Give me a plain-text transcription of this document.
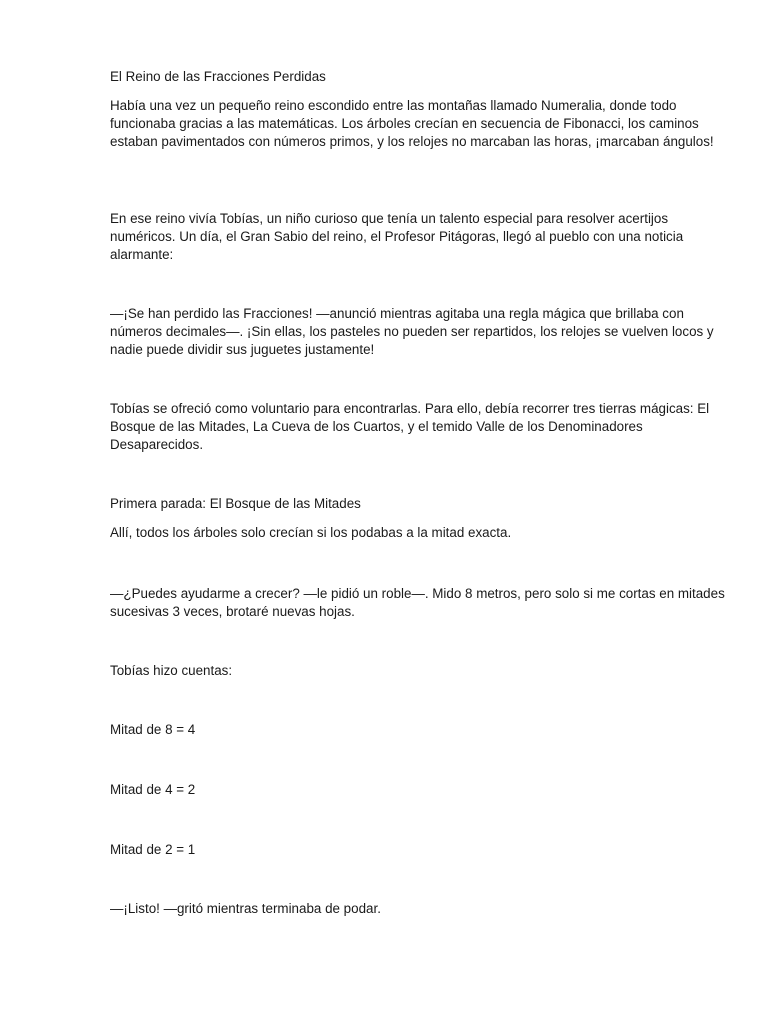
El Reino de las Fracciones Perdidas

Había una vez un pequeño reino escondido entre las montañas llamado Numeralia, donde todo funcionaba gracias a las matemáticas. Los árboles crecían en secuencia de Fibonacci, los caminos estaban pavimentados con números primos, y los relojes no marcaban las horas, ¡marcaban ángulos!

En ese reino vivía Tobías, un niño curioso que tenía un talento especial para resolver acertijos numéricos. Un día, el Gran Sabio del reino, el Profesor Pitágoras, llegó al pueblo con una noticia alarmante:

—¡Se han perdido las Fracciones! —anunció mientras agitaba una regla mágica que brillaba con números decimales—. ¡Sin ellas, los pasteles no pueden ser repartidos, los relojes se vuelven locos y nadie puede dividir sus juguetes justamente!

Tobías se ofreció como voluntario para encontrarlas. Para ello, debía recorrer tres tierras mágicas: El Bosque de las Mitades, La Cueva de los Cuartos, y el temido Valle de los Denominadores Desaparecidos.

Primera parada: El Bosque de las Mitades

Allí, todos los árboles solo crecían si los podabas a la mitad exacta.

—¿Puedes ayudarme a crecer? —le pidió un roble—. Mido 8 metros, pero solo si me cortas en mitades sucesivas 3 veces, brotaré nuevas hojas.

Tobías hizo cuentas:

Mitad de 8 = 4

Mitad de 4 = 2

Mitad de 2 = 1

—¡Listo! —gritó mientras terminaba de podar.
